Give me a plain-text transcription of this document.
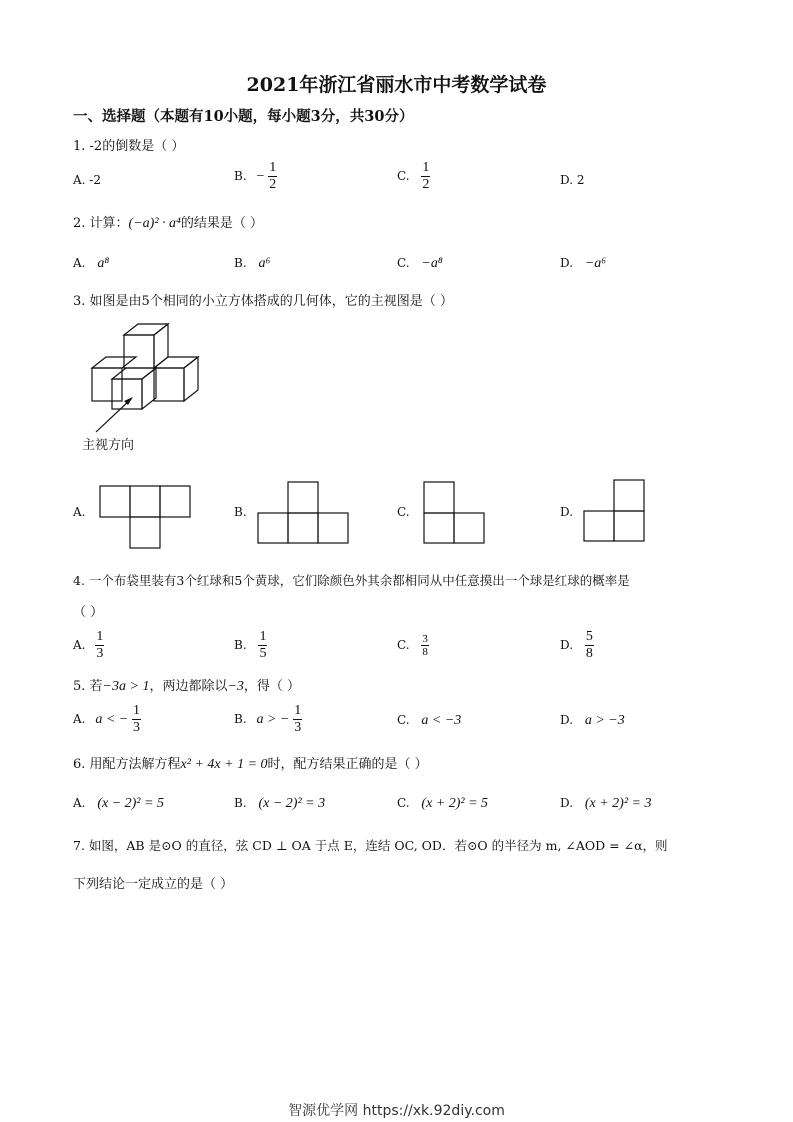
2021年浙江省丽水市中考数学试卷
一、选择题（本题有10小题，每小题3分，共30分）
1. -2的倒数是（ ）
A. -2	B. − $\frac{1}{2}$	C. $\frac{1}{2}$	D. 2
2. 计算：(−a)² · a⁴的结果是（ ）
A. a⁸	B. a⁶	C. −a⁸	D. −a⁶
3. 如图是由5个相同的小立方体搭成的几何体，它的主视图是（ ）
主视方向
A.	B.	C.	D.
4. 一个布袋里装有3个红球和5个黄球，它们除颜色外其余都相同从中任意摸出一个球是红球的概率是
（ ）
A. $\frac{1}{3}$	B. $\frac{1}{5}$	C. $\frac{3}{8}$	D. $\frac{5}{8}$
5. 若−3a > 1，两边都除以−3，得（ ）
A. a < − $\frac{1}{3}$	B. a > − $\frac{1}{3}$	C. a < −3	D. a > −3
6. 用配方法解方程x² + 4x + 1 = 0时，配方结果正确的是（ ）
A. (x − 2)² = 5	B. (x − 2)² = 3	C. (x + 2)² = 5	D. (x + 2)² = 3
7. 如图，AB 是⊙O 的直径，弦 CD ⊥ OA 于点 E，连结 OC, OD．若⊙O 的半径为 m, ∠AOD = ∠α，则
下列结论一定成立的是（ ）
智源优学网 https://xk.92diy.com
